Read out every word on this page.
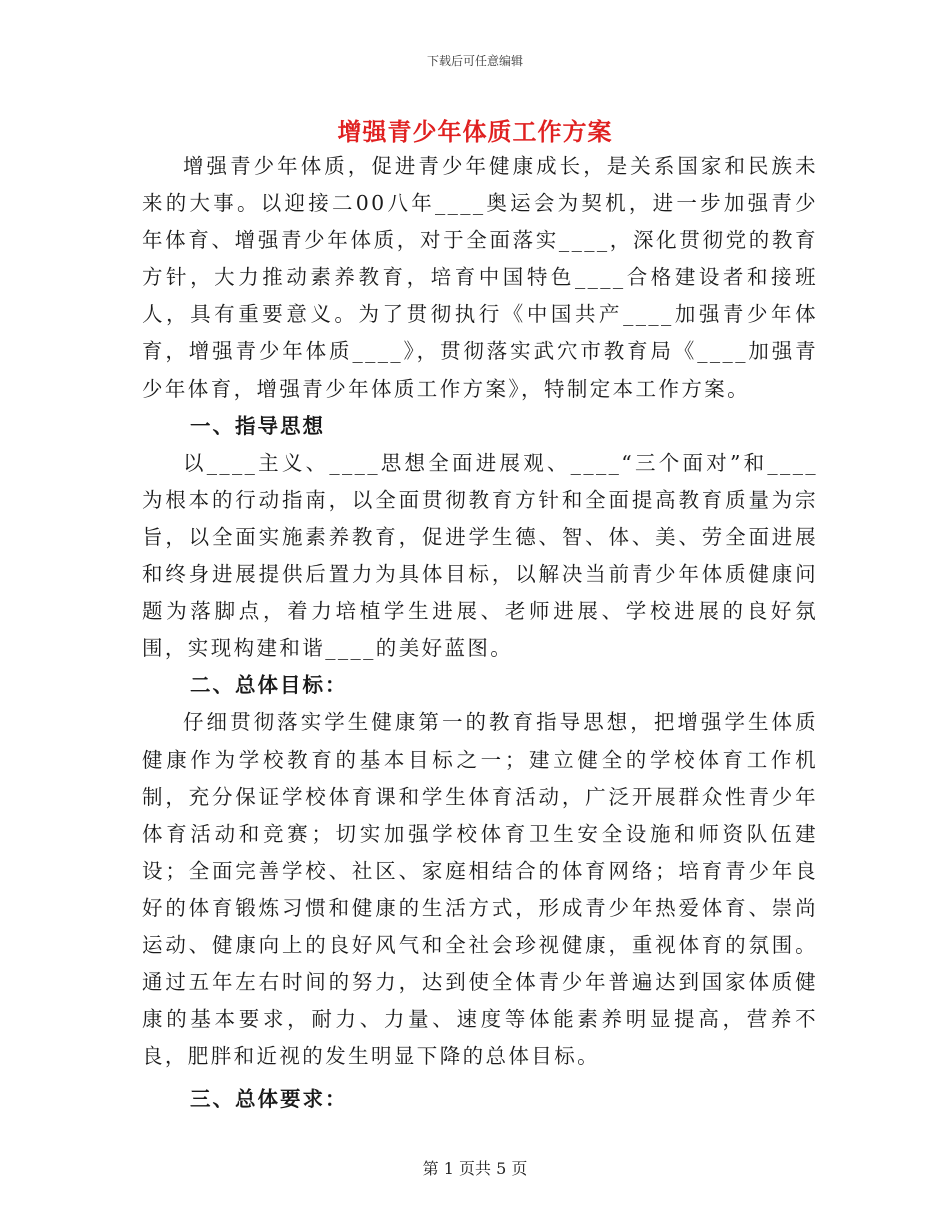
下载后可任意编辑
增强青少年体质工作方案

增强青少年体质，促进青少年健康成长，是关系国家和民族未来的大事。以迎接二00八年____奥运会为契机，进一步加强青少年体育、增强青少年体质，对于全面落实____，深化贯彻党的教育方针，大力推动素养教育，培育中国特色____合格建设者和接班人，具有重要意义。为了贯彻执行《中国共产____加强青少年体育，增强青少年体质____》，贯彻落实武穴市教育局《____加强青少年体育，增强青少年体质工作方案》，特制定本工作方案。

一、指导思想

以____主义、____思想全面进展观、____“三个面对”和____为根本的行动指南，以全面贯彻教育方针和全面提高教育质量为宗旨，以全面实施素养教育，促进学生德、智、体、美、劳全面进展和终身进展提供后置力为具体目标，以解决当前青少年体质健康问题为落脚点，着力培植学生进展、老师进展、学校进展的良好氛围，实现构建和谐____的美好蓝图。

二、总体目标：

仔细贯彻落实学生健康第一的教育指导思想，把增强学生体质健康作为学校教育的基本目标之一；建立健全的学校体育工作机制，充分保证学校体育课和学生体育活动，广泛开展群众性青少年体育活动和竞赛；切实加强学校体育卫生安全设施和师资队伍建设；全面完善学校、社区、家庭相结合的体育网络；培育青少年良好的体育锻炼习惯和健康的生活方式，形成青少年热爱体育、崇尚运动、健康向上的良好风气和全社会珍视健康，重视体育的氛围。通过五年左右时间的努力，达到使全体青少年普遍达到国家体质健康的基本要求，耐力、力量、速度等体能素养明显提高，营养不良，肥胖和近视的发生明显下降的总体目标。

三、总体要求：

第 1 页共 5 页
